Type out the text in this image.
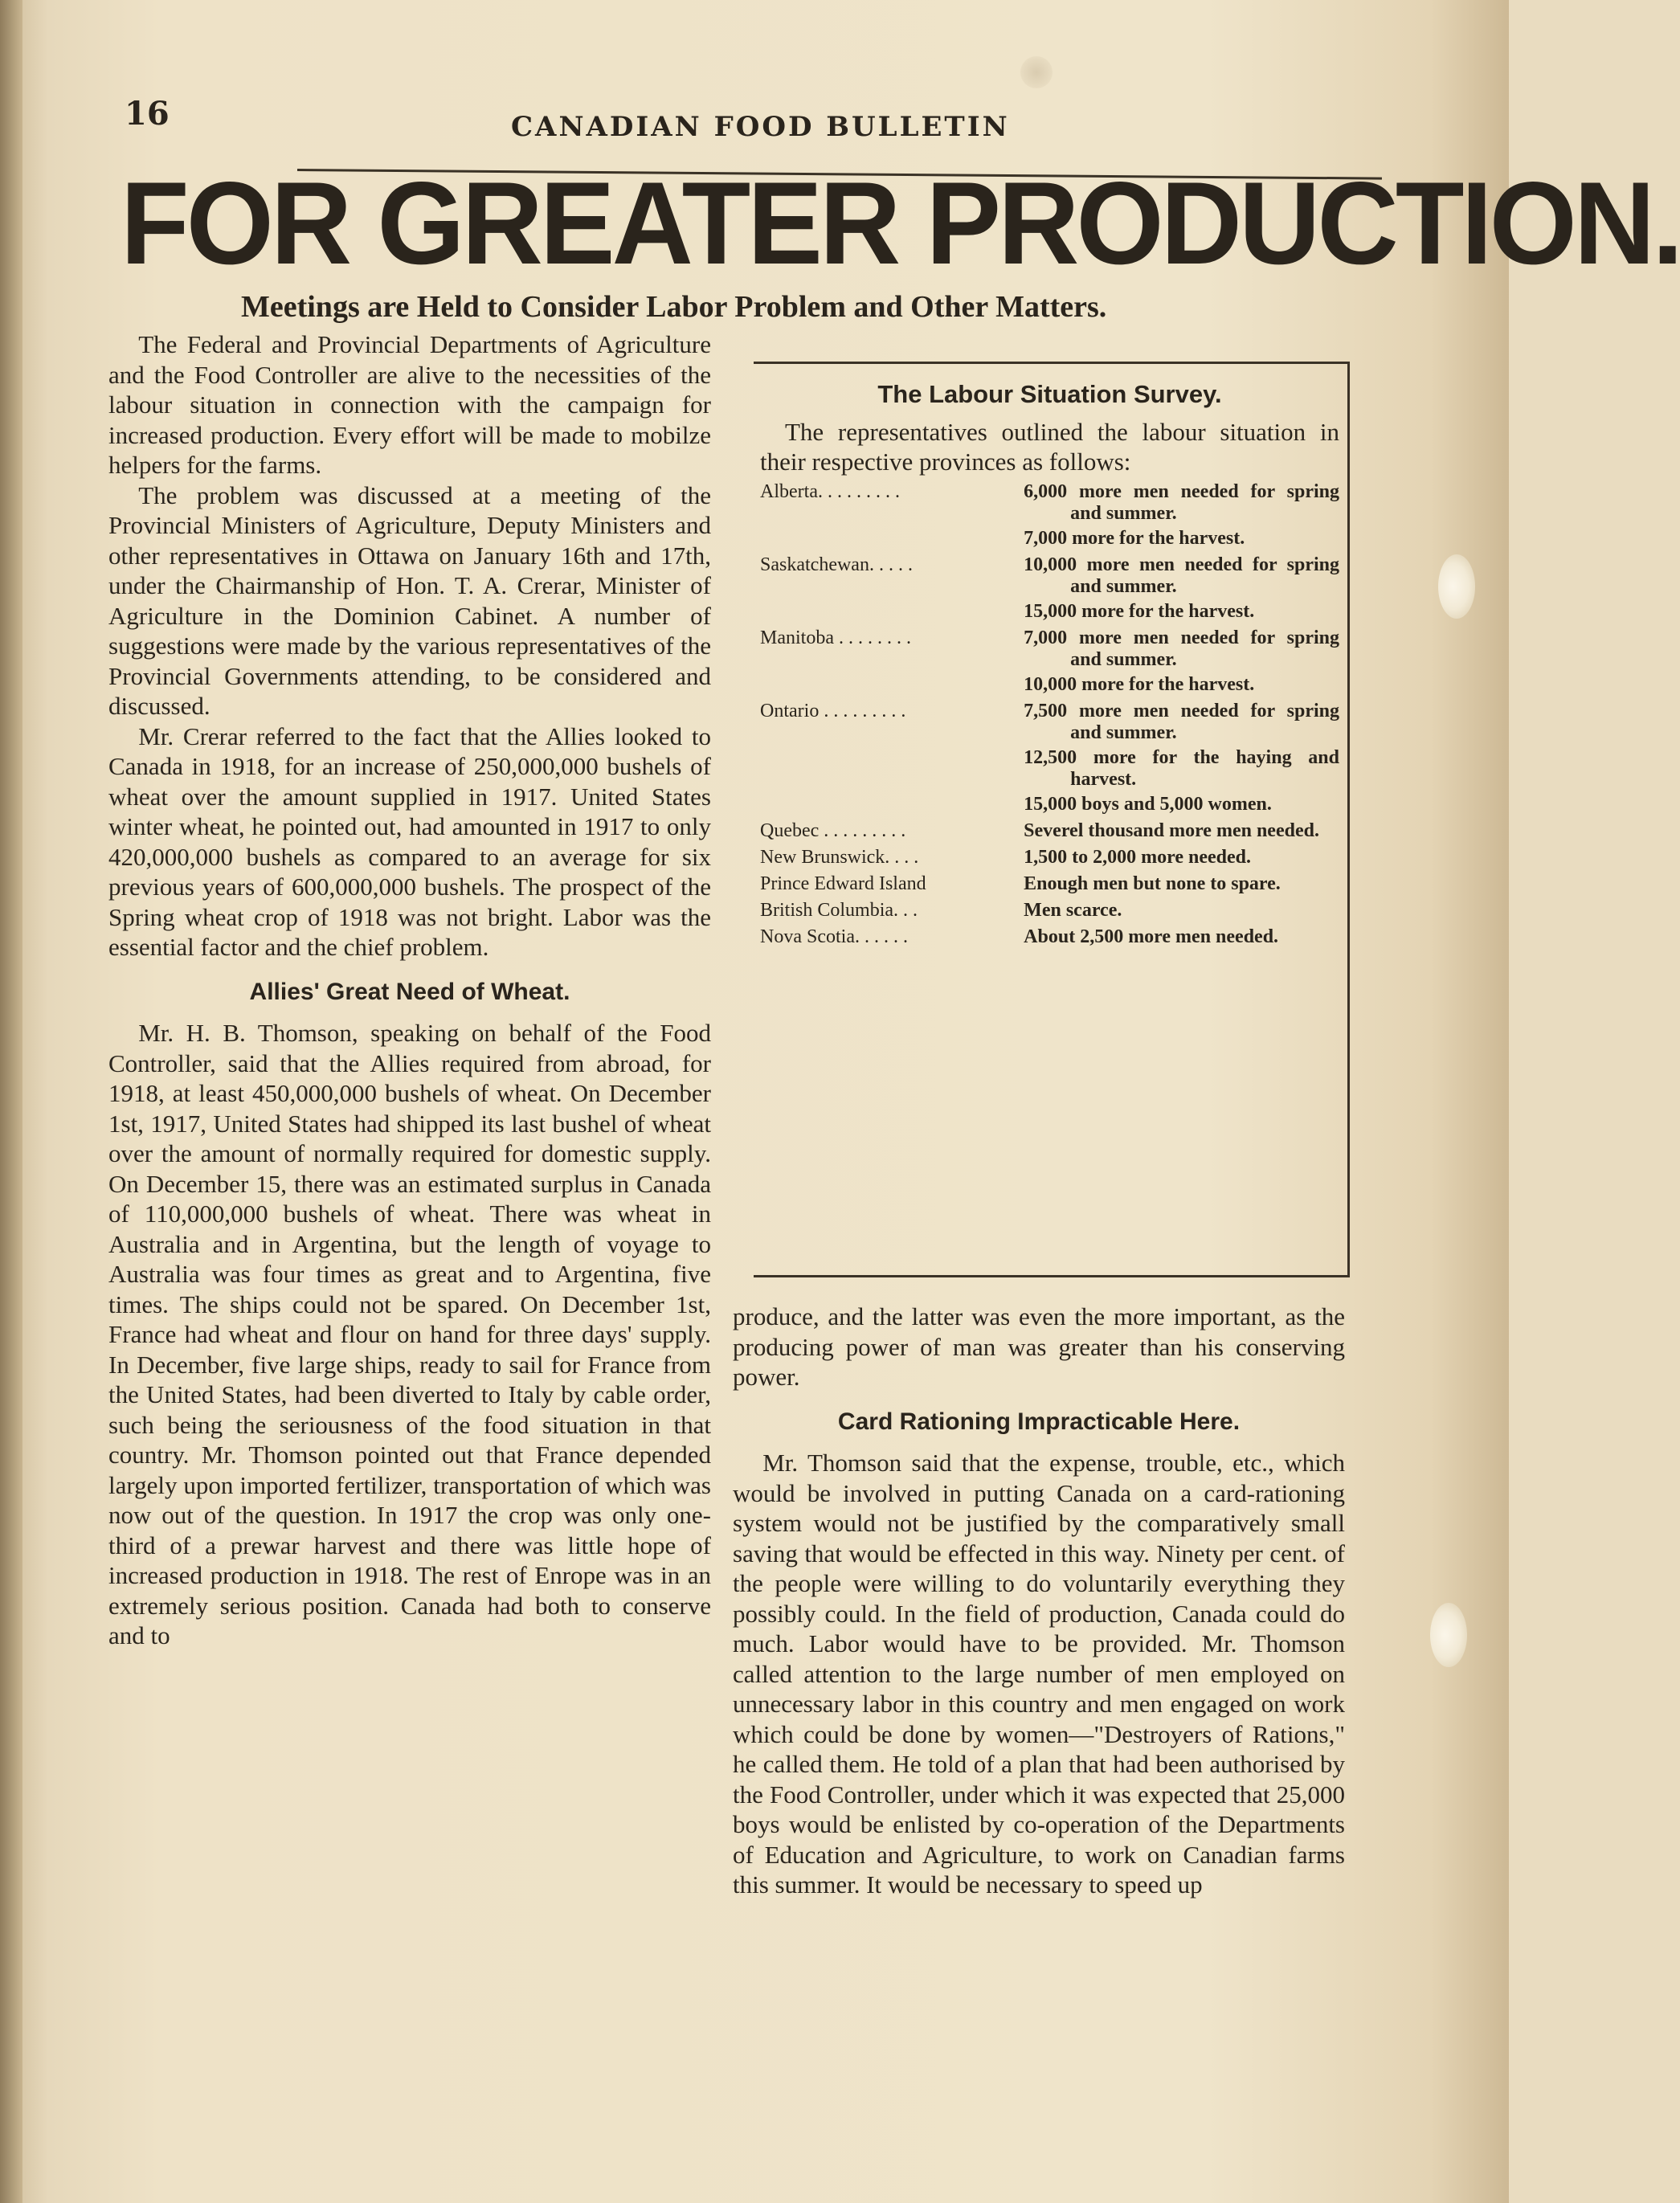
16	CANADIAN FOOD BULLETIN
FOR GREATER PRODUCTION.
Meetings are Held to Consider Labor Problem and Other Matters.

The Federal and Provincial Departments of Agriculture and the Food Controller are alive to the necessities of the labour situation in connection with the campaign for increased production. Every effort will be made to mobilze helpers for the farms.

The problem was discussed at a meeting of the Provincial Ministers of Agriculture, Deputy Ministers and other representatives in Ottawa on January 16th and 17th, under the Chairmanship of Hon. T. A. Crerar, Minister of Agriculture in the Dominion Cabinet. A number of suggestions were made by the various representatives of the Provincial Governments attending, to be considered and discussed.

Mr. Crerar referred to the fact that the Allies looked to Canada in 1918, for an increase of 250,000,000 bushels of wheat over the amount supplied in 1917. United States winter wheat, he pointed out, had amounted in 1917 to only 420,000,000 bushels as compared to an average for six previous years of 600,000,000 bushels. The prospect of the Spring wheat crop of 1918 was not bright. Labor was the essential factor and the chief problem.

Allies' Great Need of Wheat.

Mr. H. B. Thomson, speaking on behalf of the Food Controller, said that the Allies required from abroad, for 1918, at least 450,000,000 bushels of wheat. On December 1st, 1917, United States had shipped its last bushel of wheat over the amount of normally required for domestic supply. On December 15, there was an estimated surplus in Canada of 110,000,000 bushels of wheat. There was wheat in Australia and in Argentina, but the length of voyage to Australia was four times as great and to Argentina, five times. The ships could not be spared. On December 1st, France had wheat and flour on hand for three days' supply. In December, five large ships, ready to sail for France from the United States, had been diverted to Italy by cable order, such being the seriousness of the food situation in that country. Mr. Thomson pointed out that France depended largely upon imported fertilizer, transportation of which was now out of the question. In 1917 the crop was only one-third of a prewar harvest and there was little hope of increased production in 1918. The rest of Enrope was in an extremely serious position. Canada had both to conserve and to

The Labour Situation Survey.

The representatives outlined the labour situation in their respective provinces as follows:

Alberta. . . . . . . . .	6,000 more men needed for spring and summer.
7,000 more for the harvest.
Saskatchewan. . . . .	10,000 more men needed for spring and summer.
15,000 more for the harvest.
Manitoba . . . . . . . .	7,000 more men needed for spring and summer.
10,000 more for the harvest.
Ontario . . . . . . . . .	7,500 more men needed for spring and summer.
12,500 more for the haying and harvest.
15,000 boys and 5,000 women.
Quebec . . . . . . . . .	Severel thousand more men needed.
New Brunswick. . . .	1,500 to 2,000 more needed.
Prince Edward Island	Enough men but none to spare.
British Columbia. . .	Men scarce.
Nova Scotia. . . . . .	About 2,500 more men needed.

produce, and the latter was even the more important, as the producing power of man was greater than his conserving power.

Card Rationing Impracticable Here.

Mr. Thomson said that the expense, trouble, etc., which would be involved in putting Canada on a card-rationing system would not be justified by the comparatively small saving that would be effected in this way. Ninety per cent. of the people were willing to do voluntarily everything they possibly could. In the field of production, Canada could do much. Labor would have to be provided. Mr. Thomson called attention to the large number of men employed on unnecessary labor in this country and men engaged on work which could be done by women—"Destroyers of Rations," he called them. He told of a plan that had been authorised by the Food Controller, under which it was expected that 25,000 boys would be enlisted by co-operation of the Departments of Education and Agriculture, to work on Canadian farms this summer. It would be necessary to speed up
